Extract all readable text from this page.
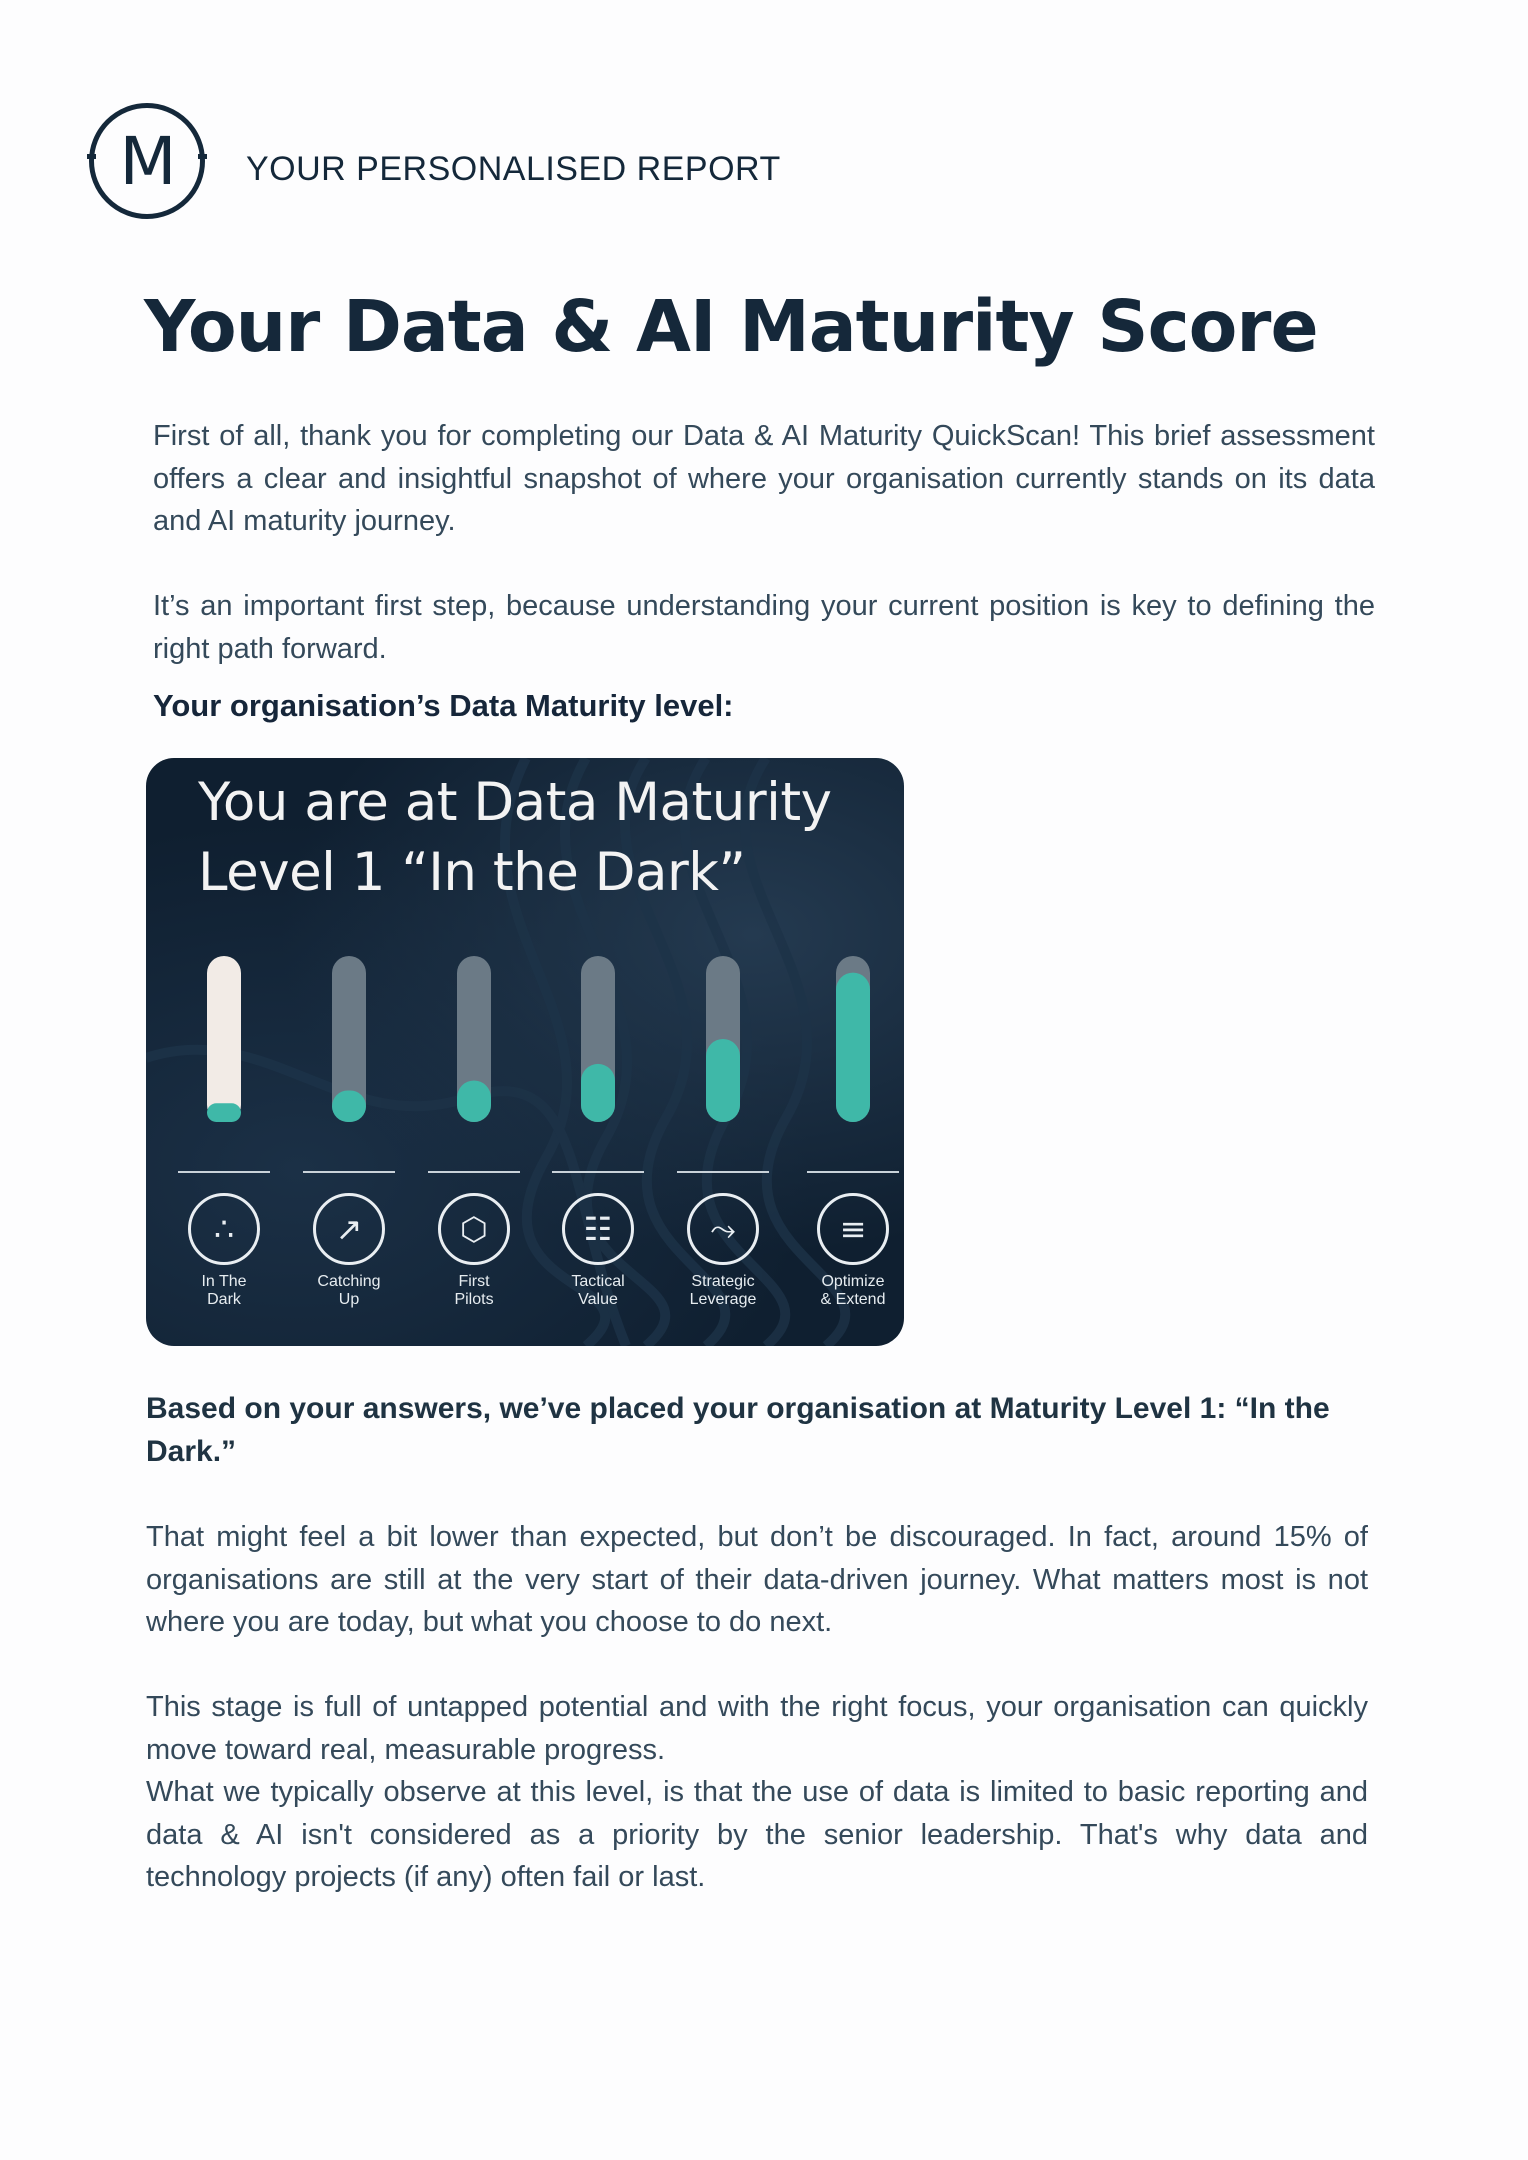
M YOUR PERSONALISED REPORT
Your Data & AI Maturity Score

First of all, thank you for completing our Data & AI Maturity QuickScan! This brief assessment offers a clear and insightful snapshot of where your organisation currently stands on its data and AI maturity journey.

It’s an important first step, because understanding your current position is key to defining the right path forward.

Your organisation’s Data Maturity level:
You are at Data Maturity Level 1 “In the Dark”
∴
In The
Dark
↗
Catching
Up
⬡
First
Pilots
☷
Tactical
Value
⤳
Strategic
Leverage
≡
Optimize
& Extend

Based on your answers, we’ve placed your organisation at Maturity Level 1: “In the Dark.”

That might feel a bit lower than expected, but don’t be discouraged. In fact, around 15% of organisations are still at the very start of their data-driven journey. What matters most is not where you are today, but what you choose to do next.

This stage is full of untapped potential and with the right focus, your organisation can quickly move toward real, measurable progress.

What we typically observe at this level, is that the use of data is limited to basic reporting and data & AI isn't considered as a priority by the senior leadership. That's why data and technology projects (if any) often fail or last.
